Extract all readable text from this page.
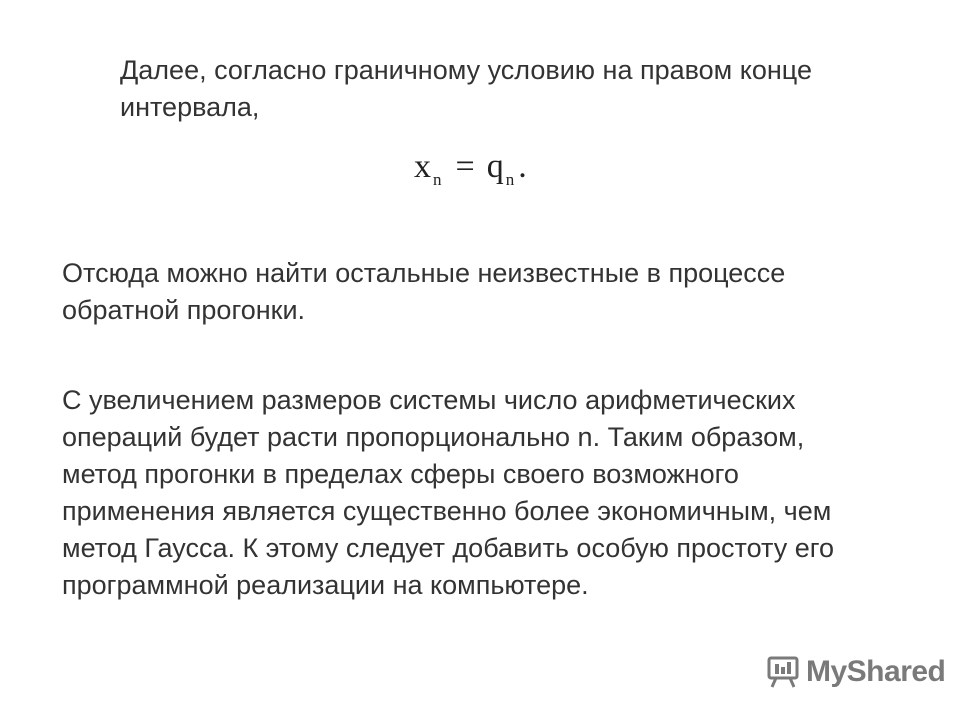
Далее, согласно граничному условию на правом конце
интервала,
x $_n$ = q $_n$ .
Отсюда можно найти остальные неизвестные в процессе
обратной прогонки.
С увеличением размеров системы число арифметических
операций будет расти пропорционально n. Таким образом,
метод прогонки в пределах сферы своего возможного
применения является существенно более экономичным, чем
метод Гаусса. К этому следует добавить особую простоту его
программной реализации на компьютере.
MyShared
